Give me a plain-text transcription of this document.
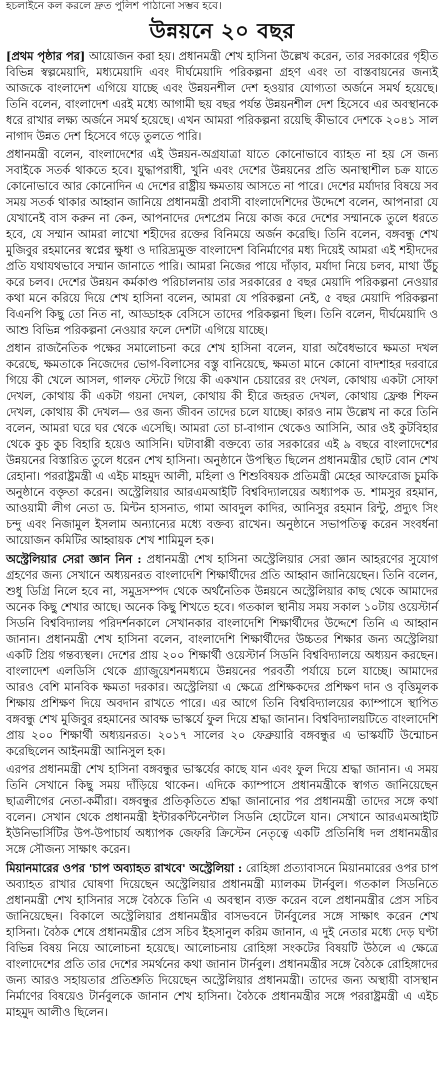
হচলাইনে কল করলে দ্রুত পুলিশ পাঠানো সম্ভব হবে।
উন্নয়নে ২০ বছর

[প্রথম পৃষ্ঠার পর] আয়োজন করা হয়। প্রধানমন্ত্রী শেখ হাসিনা উল্লেখ করেন, তার সরকারের গৃহীত বিভিন্ন স্বল্পমেয়াদি, মধ্যমেয়াদি এবং দীর্ঘমেয়াদি পরিকল্পনা গ্রহণ এবং তা বাস্তবায়নের জন্যই আজকে বাংলাদেশ এগিয়ে যাচ্ছে এবং উন্নয়নশীল দেশ হওয়ার যোগ্যতা অর্জনে সমর্থ হয়েছে। তিনি বলেন, বাংলাদেশ এরই মধ্যে আগামী ছয় বছর পর্যন্ত উন্নয়নশীল দেশ হিসেবে এর অবস্থানকে ধরে রাখার লক্ষ্য অর্জনে সমর্থ হয়েছে। এখন আমরা পরিকল্পনা রয়েছি কীভাবে দেশকে ২০৪১ সাল নাগাদ উন্নত দেশ হিসেবে গড়ে তুলতে পারি।

প্রধানমন্ত্রী বলেন, বাংলাদেশের এই উন্নয়ন-অগ্রযাত্রা যাতে কোনোভাবে ব্যাহত না হয় সে জন্য সবাইকে সতর্ক থাকতে হবে। যুদ্ধাপরাধী, খুনি এবং দেশের উন্নয়নের প্রতি অনাস্থাশীল চক্র যাতে কোনোভাবে আর কোনোদিন এ দেশের রাষ্ট্রীয় ক্ষমতায় আসতে না পারে। দেশের মর্যাদার বিষয়ে সব সময় সতর্ক থাকার আহ্বান জানিয়ে প্রধানমন্ত্রী প্রবাসী বাংলাদেশিদের উদ্দেশে বলেন, আপনারা যে যেখানেই বাস করুন না কেন, আপনাদের দেশপ্রেম নিয়ে কাজ করে দেশের সম্মানকে তুলে ধরতে হবে, যে সম্মান আমরা লাখো শহীদের রক্তের বিনিময়ে অর্জন করেছি। তিনি বলেন, বঙ্গবন্ধু শেখ মুজিবুর রহমানের স্বপ্নের ক্ষুধা ও দারিদ্র্যমুক্ত বাংলাদেশ বিনির্মাণের মধ্য দিয়েই আমরা এই শহীদদের প্রতি যথাযথভাবে সম্মান জানাতে পারি। আমরা নিজের পায়ে দাঁড়াব, মর্যাদা নিয়ে চলব, মাথা উঁচু করে চলব। দেশের উন্নয়ন কর্মকাণ্ড পরিচালনায় তার সরকারের ৫ বছর মেয়াদি পরিকল্পনা নেওয়ার কথা মনে করিয়ে দিয়ে শেখ হাসিনা বলেন, আমরা যে পরিকল্পনা নেই, ৫ বছর মেয়াদি পরিকল্পনা বিএনপি কিছু তো নিত না, আড্ডাহক বেসিসে তাদের পরিকল্পনা ছিল। তিনি বলেন, দীর্ঘমেয়াদি ও আশু বিভিন্ন পরিকল্পনা নেওয়ার ফলে দেশটা এগিয়ে যাচ্ছে।

প্রধান রাজনৈতিক পক্ষের সমালোচনা করে শেখ হাসিনা বলেন, যারা অবৈধভাবে ক্ষমতা দখল করেছে, ক্ষমতাকে নিজেদের ভোগ-বিলাসের বস্তু বানিয়েছে, ক্ষমতা মানে কোনো বাদশাহর দরবারে গিয়ে কী খেলে আসল, গালফ স্টেটে গিয়ে কী একখান চেয়ারের রং দেখল, কোথায় একটা সোফা দেখল, কোথায় কী একটা গয়না দেখল, কোথায় কী হীরে জহরত দেখল, কোথায় ফ্রেঞ্চ শিফন দেখল, কোথায় কী দেখল— ওর জন্য জীবন তাদের চলে যাচ্ছে। কারও নাম উল্লেখ না করে তিনি বলেন, আমরা ঘরে ঘর থেকে এসেছি। আমরা তো চা-বাগান থেকেও আসিনি, আর ওই কুটবিহার থেকে কুচ কুচ বিহারি হয়েও আসিনি। ঘটাবাপ্পী বক্তব্যে তার সরকারের এই ৯ বছরে বাংলাদেশের উন্নয়নের বিস্তারিত তুলে ধরেন শেখ হাসিনা। অনুষ্ঠানে উপস্থিত ছিলেন প্রধানমন্ত্রীর ছোট বোন শেখ রেহানা। পররাষ্ট্রমন্ত্রী এ এইচ মাহমুদ আলী, মহিলা ও শিশুবিষয়ক প্রতিমন্ত্রী মেহের আফরোজ চুমকি অনুষ্ঠানে বক্তৃতা করেন। অস্ট্রেলিয়ার আরএমআইটি বিশ্ববিদ্যালয়ের অধ্যাপক ড. শামসুর রহমান, আওয়ামী লীগ নেতা ড. মিন্টন হাসনাত, গামা আবদুল কাদির, আনিসুর রহমান রিন্টু, প্রদ্যুৎ সিং চন্দু এবং নিজামুল ইসলাম অন্যান্যের মধ্যে বক্তব্য রাখেন। অনুষ্ঠানে সভাপতিত্ব করেন সংবর্ধনা আয়োজন কমিটির আহ্বায়ক শেখ শামিমুল হক।

অস্ট্রেলিয়ার সেরা জ্ঞান নিন : প্রধানমন্ত্রী শেখ হাসিনা অস্ট্রেলিয়ার সেরা জ্ঞান আহরণের সুযোগ গ্রহণের জন্য সেখানে অধ্যয়নরত বাংলাদেশি শিক্ষার্থীদের প্রতি আহ্বান জানিয়েছেন। তিনি বলেন, শুধু ডিগ্রি নিলে হবে না, সমুদ্রসম্পদ থেকে অর্থনৈতিক উন্নয়নে অস্ট্রেলিয়ার কাছ থেকে আমাদের অনেক কিছু শেখার আছে। অনেক কিছু শিখতে হবে। গতকাল স্থানীয় সময় সকাল ১০টায় ওয়েস্টার্ন সিডনি বিশ্ববিদ্যালয় পরিদর্শনকালে সেখানকার বাংলাদেশি শিক্ষার্থীদের উদ্দেশে তিনি এ আহ্বান জানান। প্রধানমন্ত্রী শেখ হাসিনা বলেন, বাংলাদেশি শিক্ষার্থীদের উচ্চতর শিক্ষার জন্য অস্ট্রেলিয়া একটি প্রিয় গন্তব্যস্থল। দেশের প্রায় ২০০ শিক্ষার্থী ওয়েস্টার্ন সিডনি বিশ্ববিদ্যালয়ে অধ্যয়ন করছেন। বাংলাদেশ এলডিসি থেকে গ্র্যাজুয়েশনমধ্যমে উন্নয়নের পরবর্তী পর্যায়ে চলে যাচ্ছে। আমাদের আরও বেশি মানবিক ক্ষমতা দরকার। অস্ট্রেলিয়া এ ক্ষেত্রে প্রশিক্ষকদের প্রশিক্ষণ দান ও বৃত্তিমূলক শিক্ষায় প্রশিক্ষণ দিয়ে অবদান রাখতে পারে। এর আগে তিনি বিশ্ববিদ্যালয়ের ক্যাম্পাসে স্থাপিত বঙ্গবন্ধু শেখ মুজিবুর রহমানের আবক্ষ ভাস্কর্যে ফুল দিয়ে শ্রদ্ধা জানান। বিশ্ববিদ্যালয়টিতে বাংলাদেশি প্রায় ২০০ শিক্ষার্থী অধ্যয়নরত। ২০১৭ সালের ২০ ফেব্রুয়ারি বঙ্গবন্ধুর এ ভাস্কর্যটি উন্মোচন করেছিলেন আইনমন্ত্রী আনিসুল হক।

এরপর প্রধানমন্ত্রী শেখ হাসিনা বঙ্গবন্ধুর ভাস্কর্যের কাছে যান এবং ফুল দিয়ে শ্রদ্ধা জানান। এ সময় তিনি সেখানে কিছু সময় দাঁড়িয়ে থাকেন। এদিকে ক্যাম্পাসে প্রধানমন্ত্রীকে স্বাগত জানিয়েছেন ছাত্রলীগের নেতা-কর্মীরা। বঙ্গবন্ধুর প্রতিকৃতিতে শ্রদ্ধা জানানোর পর প্রধানমন্ত্রী তাদের সঙ্গে কথা বলেন। সেখান থেকে প্রধানমন্ত্রী ইন্টারকন্টিনেন্টাল সিডনি হোটেলে যান। সেখানে আরএমআইটি ইউনিভার্সিটির উপ-উপাচার্য অধ্যাপক জেফরি ক্রিস্টেন নেতৃত্বে একটি প্রতিনিধি দল প্রধানমন্ত্রীর সঙ্গে সৌজন্য সাক্ষাৎ করেন।

মিয়ানমারের ওপর 'চাপ অব্যাহত রাখবে' অস্ট্রেলিয়া : রোহিঙ্গা প্রত্যাবাসনে মিয়ানমারের ওপর চাপ অব্যাহত রাখার ঘোষণা দিয়েছেন অস্ট্রেলিয়ার প্রধানমন্ত্রী ম্যালকম টার্নবুল। গতকাল সিডনিতে প্রধানমন্ত্রী শেখ হাসিনার সঙ্গে বৈঠকে তিনি এ অবস্থান ব্যক্ত করেন বলে প্রধানমন্ত্রীর প্রেস সচিব জানিয়েছেন। বিকালে অস্ট্রেলিয়ার প্রধানমন্ত্রীর বাসভবনে টার্নবুলের সঙ্গে সাক্ষাৎ করেন শেখ হাসিনা। বৈঠক শেষে প্রধানমন্ত্রীর প্রেস সচিব ইহসানুল করিম জানান, এ দুই নেতার মধ্যে দেড় ঘণ্টা বিভিন্ন বিষয় নিয়ে আলোচনা হয়েছে। আলোচনায় রোহিঙ্গা সংকটের বিষয়টি উঠলে এ ক্ষেত্রে বাংলাদেশের প্রতি তার দেশের সমর্থনের কথা জানান টার্নবুল। প্রধানমন্ত্রীর সঙ্গে বৈঠকে রোহিঙ্গাদের জন্য আরও সহায়তার প্রতিশ্রুতি দিয়েছেন অস্ট্রেলিয়ার প্রধানমন্ত্রী। তাদের জন্য অস্থায়ী বাসস্থান নির্মাণের বিষয়েও টার্নবুলকে জানান শেখ হাসিনা। বৈঠকে প্রধানমন্ত্রীর সঙ্গে পররাষ্ট্রমন্ত্রী এ এইচ মাহমুদ আলীও ছিলেন।
